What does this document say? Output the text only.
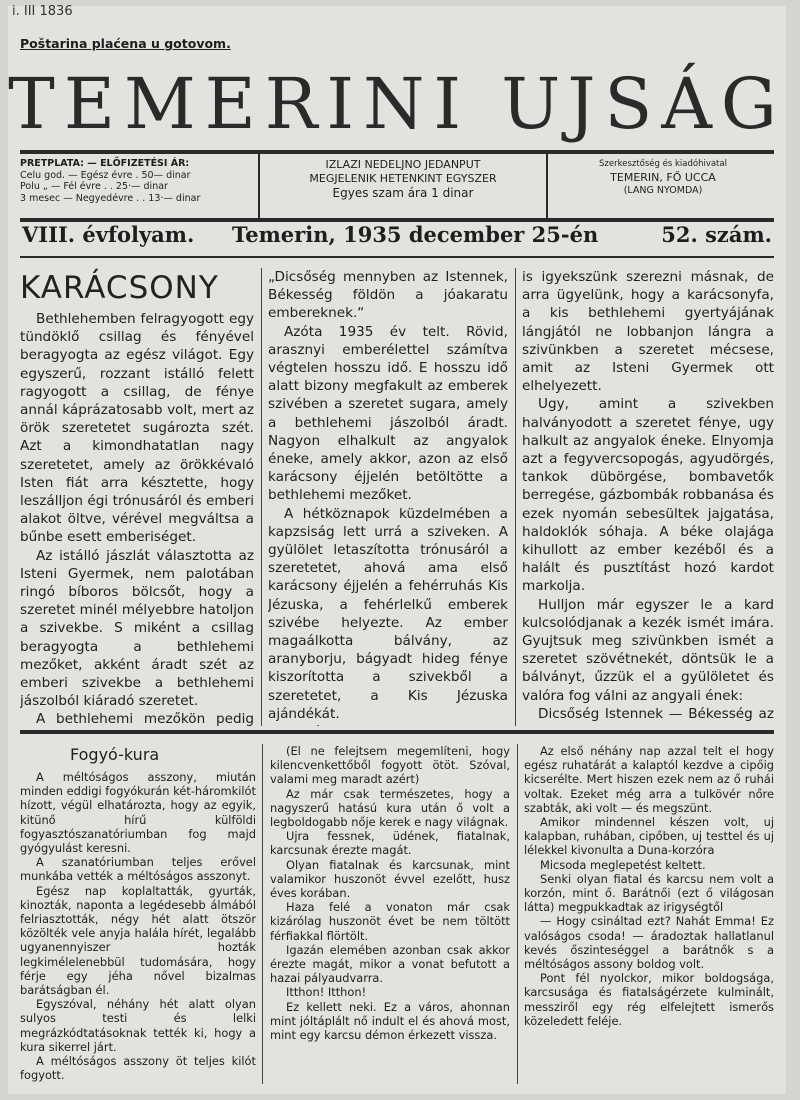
i. III 1836
Poštarina plaćena u gotovom.
TEMERINI UJSÁG
PRETPLATA: — ELŐFIZETÉSI ÁR:
Celu god. — Egész évre . 50— dinar
Polu „ — Fél évre . . 25·— dinar
3 mesec — Negyedévre . . 13·— dinar
IZLAZI NEDELJNO JEDANPUT
MEGJELENIK HETENKINT EGYSZER
Egyes szam ára 1 dinar
Szerkesztőség és kiadóhivatal
TEMERIN, FŐ UCCA
(LANG NYOMDA)
VIII. évfolyam. Temerin, 1935 december 25-én	52. szám.
KARÁCSONY

Bethlehemben felragyogott egy tündöklő csillag és fényével beragyogta az egész világot. Egy egyszerű, rozzant istálló felett ragyogott a csillag, de fénye annál káprázatosabb volt, mert az örök szeretetet sugározta szét. Azt a kimondhatatlan nagy szeretetet, amely az örökkévaló Isten fiát arra késztette, hogy leszálljon égi trónusáról és emberi alakot öltve, vérével megváltsa a bűnbe esett emberiséget.

Az istálló jászlát választotta az Isteni Gyermek, nem palotában ringó bíboros bölcsőt, hogy a szeretet minél mélyebbre hatoljon a szivekbe. S miként a csillag beragyogta a bethlehemi mezőket, akként áradt szét az emberi szivekbe a bethlehemi jászolból kiáradó szeretet.

A bethlehemi mezőkön pedig

„Dicsőség mennyben az Istennek, Békesség földön a jóakaratu embereknek.“

Azóta 1935 év telt. Rövid, arasznyi emberélettel számítva végtelen hosszu idő. E hosszu idő alatt bizony megfakult az emberek szivében a szeretet sugara, amely a bethlehemi jászolból áradt. Nagyon elhalkult az angyalok éneke, amely akkor, azon az első karácsony éjjelén betöltötte a bethlehemi mezőket.

A hétköznapok küzdelmében a kapzsiság lett urrá a sziveken. A gyülölet letaszította trónusáról a szeretetet, ahová ama első karácsony éjjelén a fehérruhás Kis Jézuska, a fehérlelkű emberek szivébe helyezte. Az ember magaálkotta bálvány, az aranyborju, bágyadt hideg fénye kiszorította a szivekből a szeretetet, a Kis Jézuska ajándékát.

is igyekszünk szerezni másnak, de arra ügyelünk, hogy a karácsonyfa, a kis bethlehemi gyertyájának lángjától ne lobbanjon lángra a szivünkben a szeretet mécsese, amit az Isteni Gyermek ott elhelyezett.

Ugy, amint a szivekben halványodott a szeretet fénye, ugy halkult az angyalok éneke. Elnyomja azt a fegyvercsopogás, agyudörgés, tankok dübörgése, bombavetők berregése, gázbombák robbanása és ezek nyomán sebesültek jajgatása, haldoklók sóhaja. A béke olajága kihullott az ember kezéből és a halált és pusztítást hozó kardot markolja.

Hulljon már egyszer le a kard kulcsolódjanak a kezék ismét imára. Gyujtsuk meg szivünkben ismét a szeretet szövétnekét, döntsük le a bálványt, űzzük el a gyülöletet és valóra fog válni az angyali ének:

Dicsőség Istennek — Békesség az

Fogyó-kura

A méltóságos asszony, miután minden eddigi fogyókurán két-háromkilót hízott, végül elhatározta, hogy az egyik, kitünő hírű külföldi fogyasztószanatóriumban fog majd gyógyulást keresni.

A szanatóriumban teljes erővel munkába vették a méltóságos asszonyt.

Egész nap koplaltatták, gyurták, kinozták, naponta a legédesebb álmából felriasztották, négy hét alatt ötször közölték vele anyja halála hírét, legalább ugyanennyiszer hozták legkimélelenebbül tudomására, hogy férje egy jéha nővel bizalmas barátságban él.

Egyszóval, néhány hét alatt olyan sulyos testi és lelki megrázkódtatásoknak tették ki, hogy a kura sikerrel járt.

A méltóságos asszony öt teljes kilót fogyott.

(El ne felejtsem megemlíteni, hogy kilencvenkettőből fogyott ötöt. Szóval, valami meg maradt azért)

Az már csak természetes, hogy a nagyszerű hatású kura után ő volt a legboldogabb nője kerek e nagy világnak.

Ujra fessnek, üdének, fiatalnak, karcsunak érezte magát.

Olyan fiatalnak és karcsunak, mint valamikor huszonöt évvel ezelőtt, husz éves korában.

Haza felé a vonaton már csak kizárólag huszonöt évet be nem töltött férfiakkal flörtölt.

Igazán elemében azonban csak akkor érezte magát, mikor a vonat befutott a hazai pályaudvarra.

Itthon! Itthon!

Ez kellett neki. Ez a város, ahonnan mint jóltáplált nő indult el és ahová most, mint egy karcsu démon érkezett vissza.

Az első néhány nap azzal telt el hogy egész ruhatárát a kalaptól kezdve a cipőig kicserélte. Mert hiszen ezek nem az ő ruhái voltak. Ezeket még arra a tulkövér nőre szabták, aki volt — és megszünt.

Amikor mindennel készen volt, uj kalapban, ruhában, cipőben, uj testtel és uj lélekkel kivonulta a Duna-korzóra

Micsoda meglepetést keltett.

Senki olyan fiatal és karcsu nem volt a korzón, mint ő. Barátnői (ezt ő világosan látta) megpukkadtak az irigységtől

— Hogy csináltad ezt? Nahát Emma! Ez valóságos csoda! — áradoztak hallatlanul kevés őszinteséggel a barátnők s a méltóságos assony boldog volt.

Pont fél nyolckor, mikor boldogsága, karcsusága és fiatalságérzete kulminált, messziről egy rég elfelejtett ismerős közeledett feléje.
